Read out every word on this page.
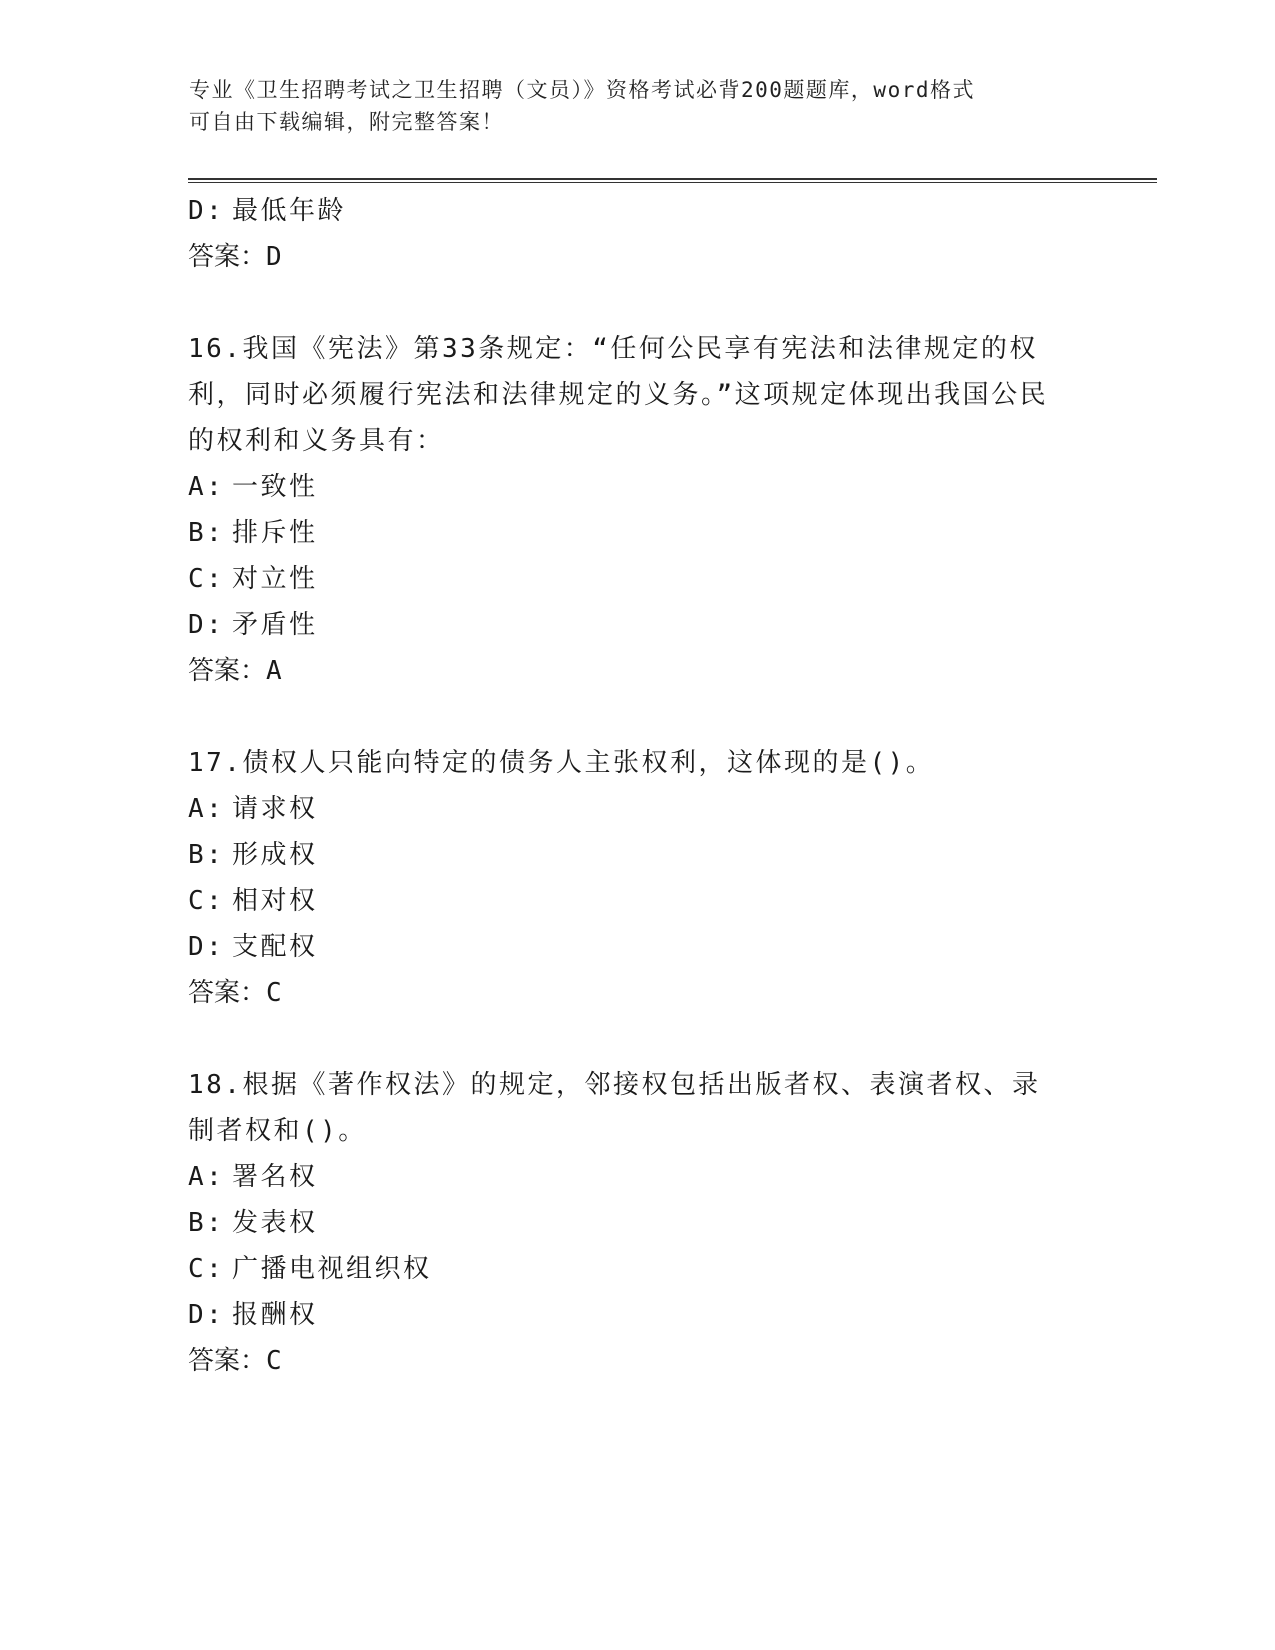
专业《卫生招聘考试之卫生招聘（文员）》资格考试必背200题题库，word格式
可自由下载编辑，附完整答案！
D: 最低年龄
答案：D
16.我国《宪法》第33条规定：“任何公民享有宪法和法律规定的权利，同时必须履行宪法和法律规定的义务。”这项规定体现出我国公民的权利和义务具有：
A: 一致性
B: 排斥性
C: 对立性
D: 矛盾性
答案：A
17.债权人只能向特定的债务人主张权利，这体现的是()。
A: 请求权
B: 形成权
C: 相对权
D: 支配权
答案：C
18.根据《著作权法》的规定，邻接权包括出版者权、表演者权、录制者权和()。
A: 署名权
B: 发表权
C: 广播电视组织权
D: 报酬权
答案：C
